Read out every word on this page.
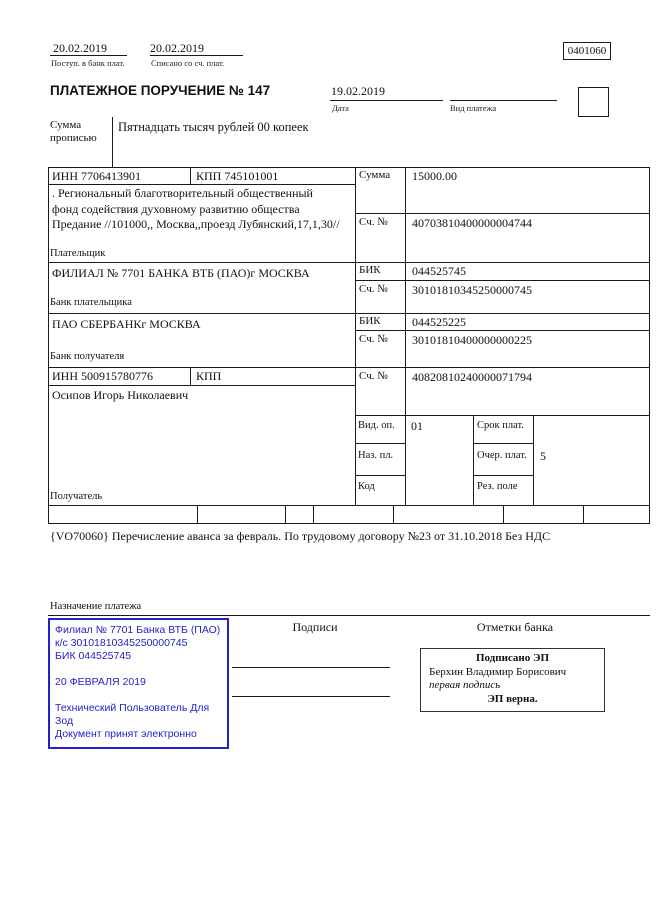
20.02.2019
Поступ. в банк плат.
20.02.2019
Списано со сч. плат.
0401060
ПЛАТЕЖНОЕ ПОРУЧЕНИЕ № 147	19.02.2019
Дата	Вид платежа
Сумма прописью
Пятнадцать тысяч рублей 00 копеек
ИНН 7706413901	КПП 745101001
. Региональный благотворительный общественный фонд содействия духовному развитию общества Предание //101000,, Москва,,проезд Лубянский,17,1,30//
Плательщик
Сумма 15000.00
Сч. № 40703810400000004744
ФИЛИАЛ № 7701 БАНКА ВТБ (ПАО)г МОСКВА
Банк плательщика
БИК	044525745
Сч. № 30101810345250000745
ПАО СБЕРБАНКг МОСКВА
Банк получателя
БИК	044525225
Сч. № 30101810400000000225
ИНН 500915780776	КПП
Осипов Игорь Николаевич
Получатель
Сч. № 40820810240000071794
Вид. оп. 01	Срок плат.
Наз. пл.	Очер. плат. 5
Код	Рез. поле
{VO70060} Перечисление аванса за февраль. По трудовому договору №23 от 31.10.2018 Без НДС
Назначение платежа
Филиал № 7701 Банка ВТБ (ПАО)
к/с 30101810345250000745
БИК 044525745
20 ФЕВРАЛЯ 2019
Технический Пользователь Для Зод
Документ принят электронно
Подписи	Отметки банка
Подписано ЭП
Берхин Владимир Борисович
первая подпись
ЭП верна.
